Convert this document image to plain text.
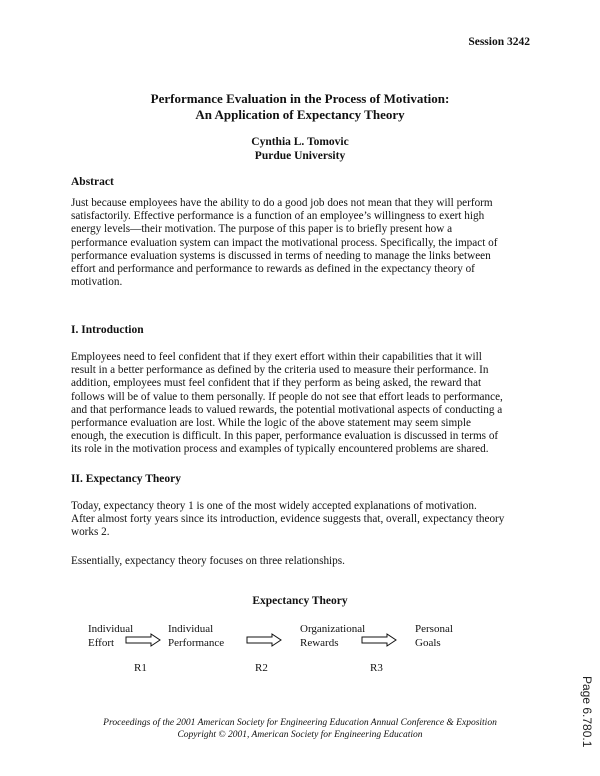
Session 3242
Performance Evaluation in the Process of Motivation:
An Application of Expectancy Theory
Cynthia L. Tomovic
Purdue University
Abstract
Just because employees have the ability to do a good job does not mean that they will perform
satisfactorily. Effective performance is a function of an employee’s willingness to exert high
energy levels—their motivation. The purpose of this paper is to briefly present how a
performance evaluation system can impact the motivational process. Specifically, the impact of
performance evaluation systems is discussed in terms of needing to manage the links between
effort and performance and performance to rewards as defined in the expectancy theory of
motivation.
I. Introduction
Employees need to feel confident that if they exert effort within their capabilities that it will
result in a better performance as defined by the criteria used to measure their performance. In
addition, employees must feel confident that if they perform as being asked, the reward that
follows will be of value to them personally. If people do not see that effort leads to performance,
and that performance leads to valued rewards, the potential motivational aspects of conducting a
performance evaluation are lost. While the logic of the above statement may seem simple
enough, the execution is difficult. In this paper, performance evaluation is discussed in terms of
its role in the motivation process and examples of typically encountered problems are shared.
II. Expectancy Theory
Today, expectancy theory 1 is one of the most widely accepted explanations of motivation.
After almost forty years since its introduction, evidence suggests that, overall, expectancy theory
works 2.
Essentially, expectancy theory focuses on three relationships.
Expectancy Theory
Individual
Effort
Individual
Performance
Organizational
Rewards
Personal
Goals
R1	R2	R3
Page 6.780.1
Proceedings of the 2001 American Society for Engineering Education Annual Conference & Exposition
Copyright © 2001, American Society for Engineering Education
